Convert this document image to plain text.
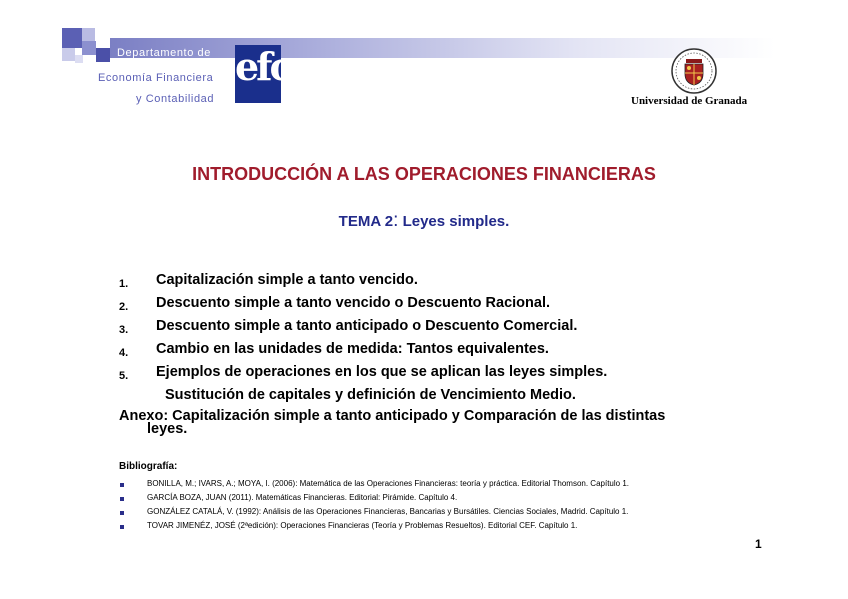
Departamento de
Economía Financiera
y Contabilidad
efc
Universidad de Granada
INTRODUCCIÓN A LAS OPERACIONES FINANCIERAS
TEMA 2: Leyes simples.
1. Capitalización simple a tanto vencido.
2. Descuento simple a tanto vencido o Descuento Racional.
3. Descuento simple a tanto anticipado o Descuento Comercial.
4. Cambio en las unidades de medida: Tantos equivalentes.
5. Ejemplos de operaciones en los que se aplican las leyes simples.
Sustitución de capitales y definición de Vencimiento Medio.
Anexo: Capitalización simple a tanto anticipado y Comparación de las distintas
leyes.
Bibliografía:
BONILLA, M.; IVARS, A.; MOYA, I. (2006): Matemática de las Operaciones Financieras: teoría y práctica. Editorial Thomson. Capítulo 1.
GARCÍA BOZA, JUAN (2011). Matemáticas Financieras. Editorial: Pirámide. Capítulo 4.
GONZÁLEZ CATALÁ, V. (1992): Análisis de las Operaciones Financieras, Bancarias y Bursátiles. Ciencias Sociales, Madrid. Capítulo 1.
TOVAR JIMENÉZ, JOSÉ (2ªedición): Operaciones Financieras (Teoría y Problemas Resueltos). Editorial CEF. Capítulo 1.
1
